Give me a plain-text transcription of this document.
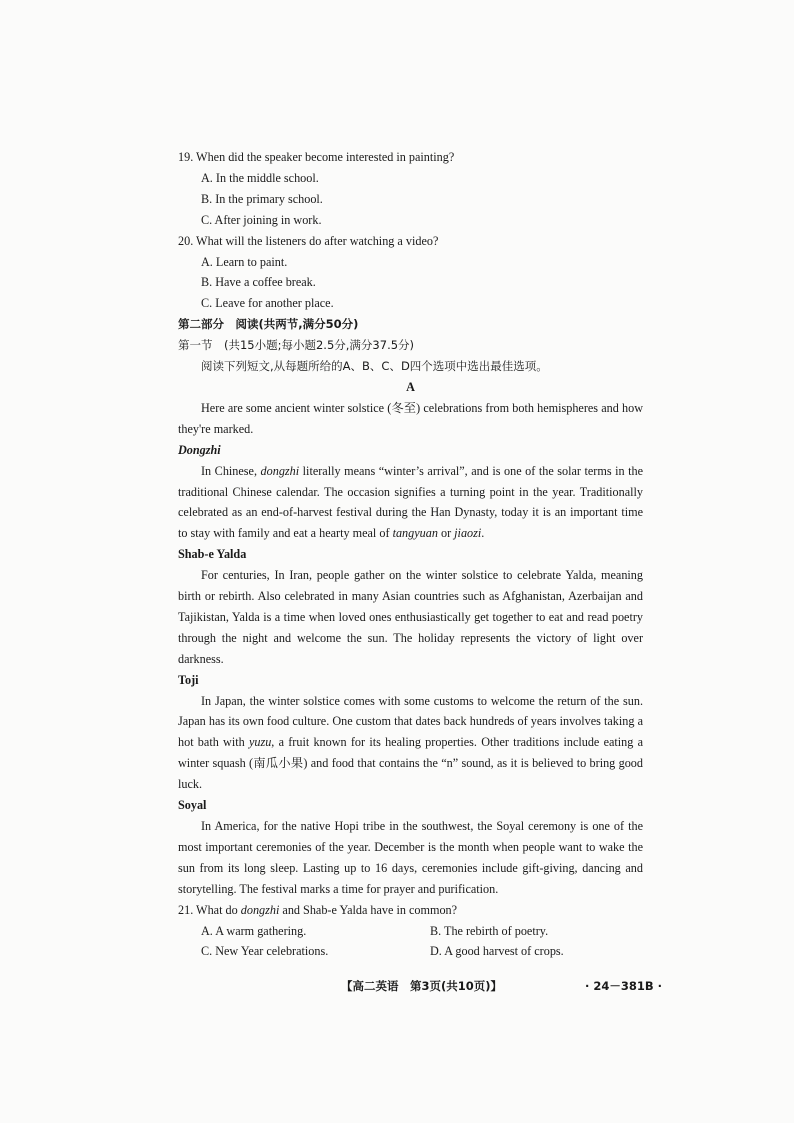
19. When did the speaker become interested in painting?
A. In the middle school.
B. In the primary school.
C. After joining in work.
20. What will the listeners do after watching a video?
A. Learn to paint.
B. Have a coffee break.
C. Leave for another place.
第二部分　阅读(共两节,满分50分)
第一节　(共15小题;每小题2.5分,满分37.5分)
阅读下列短文,从每题所给的A、B、C、D四个选项中选出最佳选项。
A

Here are some ancient winter solstice (冬至) celebrations from both hemispheres and how they're marked.

Dongzhi

In Chinese, dongzhi literally means “winter’s arrival”, and is one of the solar terms in the traditional Chinese calendar. The occasion signifies a turning point in the year. Traditionally celebrated as an end-of-harvest festival during the Han Dynasty, today it is an important time to stay with family and eat a hearty meal of tangyuan or jiaozi.

Shab-e Yalda

For centuries, In Iran, people gather on the winter solstice to celebrate Yalda, meaning birth or rebirth. Also celebrated in many Asian countries such as Afghanistan, Azerbaijan and Tajikistan, Yalda is a time when loved ones enthusiastically get together to eat and read poetry through the night and welcome the sun. The holiday represents the victory of light over darkness.

Toji

In Japan, the winter solstice comes with some customs to welcome the return of the sun. Japan has its own food culture. One custom that dates back hundreds of years involves taking a hot bath with yuzu, a fruit known for its healing properties. Other traditions include eating a winter squash (南瓜小果) and food that contains the “n” sound, as it is believed to bring good luck.

Soyal

In America, for the native Hopi tribe in the southwest, the Soyal ceremony is one of the most important ceremonies of the year. December is the month when people want to wake the sun from its long sleep. Lasting up to 16 days, ceremonies include gift-giving, dancing and storytelling. The festival marks a time for prayer and purification.

21. What do dongzhi and Shab-e Yalda have in common?
A. A warm gathering.	B. The rebirth of poetry.
C. New Year celebrations.	D. A good harvest of crops.
【高二英语　第3页(共10页)】	· 24－381B ·
